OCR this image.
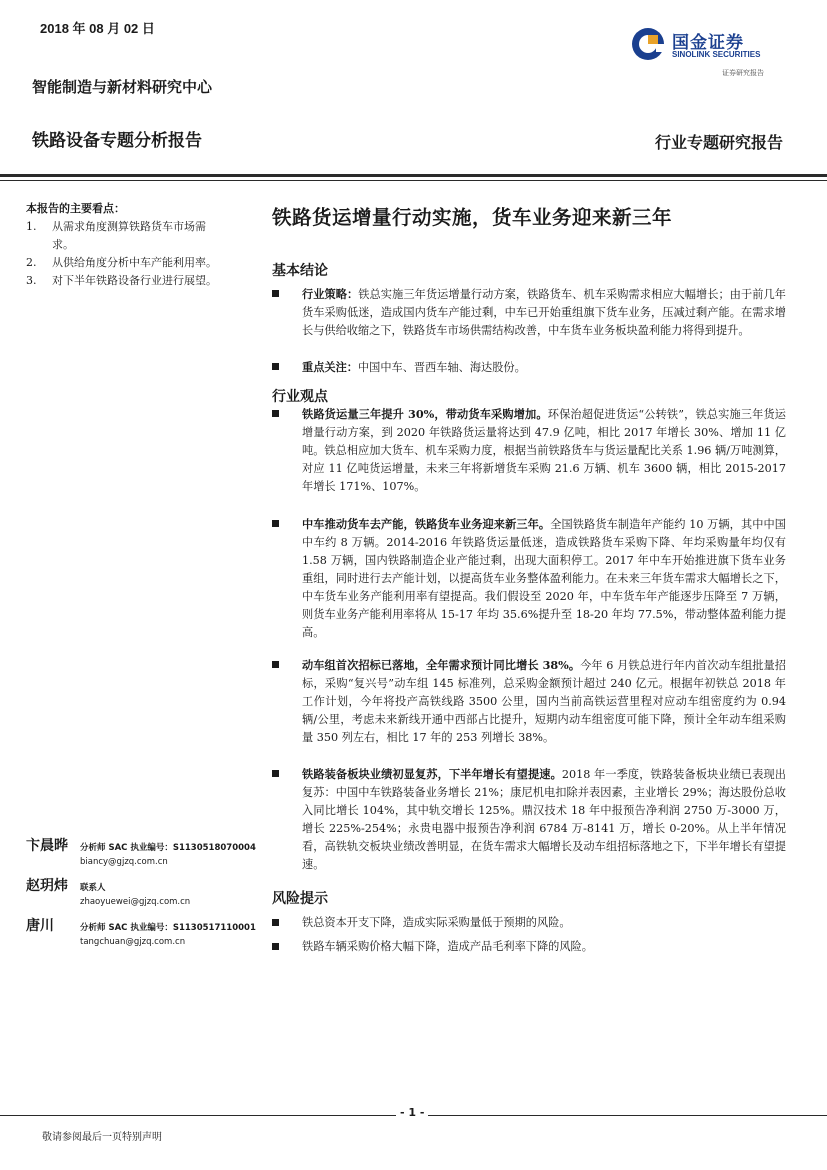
2018 年 08 月 02 日
智能制造与新材料研究中心
铁路设备专题分析报告	行业专题研究报告
国金证券
SINOLINK SECURITIES
证券研究报告
本报告的主要看点：
1. 从需求角度测算铁路货车市场需求。
2. 从供给角度分析中车产能利用率。
3. 对下半年铁路设备行业进行展望。
卞晨晔 分析师 SAC 执业编号：S1130518070004
biancy@gjzq.com.cn
赵玥炜 联系人
zhaoyuewei@gjzq.com.cn
唐川	分析师 SAC 执业编号：S1130517110001
tangchuan@gjzq.com.cn
铁路货运增量行动实施，货车业务迎来新三年
基本结论
行业策略：铁总实施三年货运增量行动方案，铁路货车、机车采购需求相应大幅增长；由于前几年货车采购低迷，造成国内货车产能过剩，中车已开始重组旗下货车业务，压减过剩产能。在需求增长与供给收缩之下，铁路货车市场供需结构改善，中车货车业务板块盈利能力将得到提升。
重点关注：中国中车、晋西车轴、海达股份。
行业观点
铁路货运量三年提升 30%，带动货车采购增加。环保治超促进货运“公转铁”，铁总实施三年货运增量行动方案，到 2020 年铁路货运量将达到 47.9 亿吨，相比 2017 年增长 30%、增加 11 亿吨。铁总相应加大货车、机车采购力度，根据当前铁路货车与货运量配比关系 1.96 辆/万吨测算，对应 11 亿吨货运增量，未来三年将新增货车采购 21.6 万辆、机车 3600 辆，相比 2015-2017 年增长 171%、107%。
中车推动货车去产能，铁路货车业务迎来新三年。全国铁路货车制造年产能约 10 万辆，其中中国中车约 8 万辆。2014-2016 年铁路货运量低迷，造成铁路货车采购下降、年均采购量年均仅有 1.58 万辆，国内铁路制造企业产能过剩，出现大面积停工。2017 年中车开始推进旗下货车业务重组，同时进行去产能计划，以提高货车业务整体盈利能力。在未来三年货车需求大幅增长之下，中车货车业务产能利用率有望提高。我们假设至 2020 年，中车货车年产能逐步压降至 7 万辆，则货车业务产能利用率将从 15-17 年均 35.6%提升至 18-20 年均 77.5%，带动整体盈利能力提高。
动车组首次招标已落地，全年需求预计同比增长 38%。今年 6 月铁总进行年内首次动车组批量招标，采购“复兴号”动车组 145 标准列，总采购金额预计超过 240 亿元。根据年初铁总 2018 年工作计划，今年将投产高铁线路 3500 公里，国内当前高铁运营里程对应动车组密度约为 0.94 辆/公里，考虑未来新线开通中西部占比提升，短期内动车组密度可能下降，预计全年动车组采购量 350 列左右，相比 17 年的 253 列增长 38%。
铁路装备板块业绩初显复苏，下半年增长有望提速。2018 年一季度，铁路装备板块业绩已表现出复苏：中国中车铁路装备业务增长 21%；康尼机电扣除并表因素，主业增长 29%；海达股份总收入同比增长 104%，其中轨交增长 125%。鼎汉技术 18 年中报预告净利润 2750 万-3000 万，增长 225%-254%；永贵电器中报预告净利润 6784 万-8141 万，增长 0-20%。从上半年情况看，高铁轨交板块业绩改善明显，在货车需求大幅增长及动车组招标落地之下，下半年增长有望提速。
风险提示
铁总资本开支下降，造成实际采购量低于预期的风险。
铁路车辆采购价格大幅下降，造成产品毛利率下降的风险。
- 1 -
敬请参阅最后一页特别声明
